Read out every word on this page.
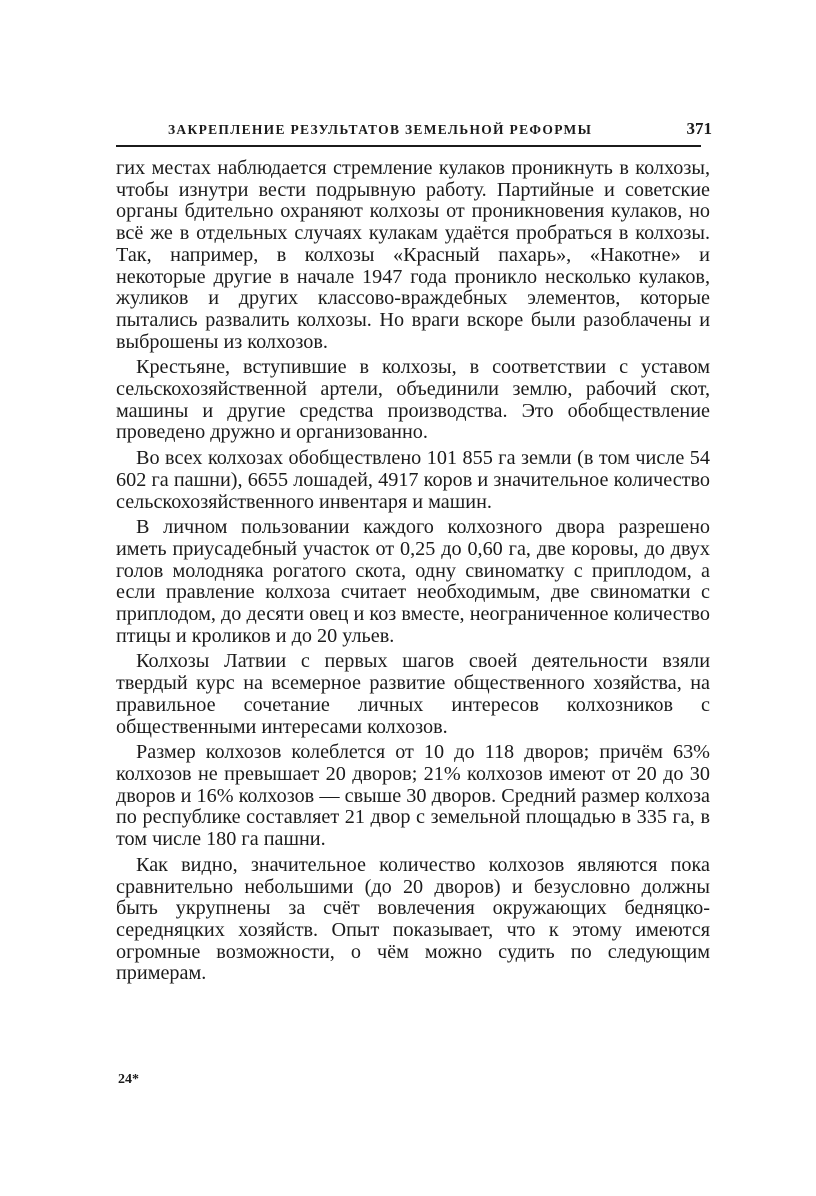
ЗАКРЕПЛЕНИЕ РЕЗУЛЬТАТОВ ЗЕМЕЛЬНОЙ РЕФОРМЫ	371

гих местах наблюдается стремление кулаков проникнуть в колхозы, чтобы изнутри вести подрывную работу. Партийные и советские органы бдительно охраняют колхозы от проникновения кулаков, но всё же в отдельных случаях кулакам удаётся пробраться в колхозы. Так, например, в колхозы «Красный пахарь», «Накотне» и некоторые другие в начале 1947 года проникло несколько кулаков, жуликов и других классово-враждебных элементов, которые пытались развалить колхозы. Но враги вскоре были разоблачены и выброшены из колхозов.

Крестьяне, вступившие в колхозы, в соответствии с уставом сельскохозяйственной артели, объединили землю, рабочий скот, машины и другие средства производства. Это обобществление проведено дружно и организованно.

Во всех колхозах обобществлено 101 855 га земли (в том числе 54 602 га пашни), 6655 лошадей, 4917 коров и значительное количество сельскохозяйственного инвентаря и машин.

В личном пользовании каждого колхозного двора разрешено иметь приусадебный участок от 0,25 до 0,60 га, две коровы, до двух голов молодняка рогатого скота, одну свиноматку с приплодом, а если правление колхоза считает необходимым, две свиноматки с приплодом, до десяти овец и коз вместе, неограниченное количество птицы и кроликов и до 20 ульев.

Колхозы Латвии с первых шагов своей деятельности взяли твердый курс на всемерное развитие общественного хозяйства, на правильное сочетание личных интересов колхозников с общественными интересами колхозов.

Размер колхозов колеблется от 10 до 118 дворов; причём 63% колхозов не превышает 20 дворов; 21% колхозов имеют от 20 до 30 дворов и 16% колхозов — свыше 30 дворов. Средний размер колхоза по республике составляет 21 двор с земельной площадью в 335 га, в том числе 180 га пашни.

Как видно, значительное количество колхозов являются пока сравнительно небольшими (до 20 дворов) и безусловно должны быть укрупнены за счёт вовлечения окружающих бедняцко-середняцких хозяйств. Опыт показывает, что к этому имеются огромные возможности, о чём можно судить по следующим примерам.

24*
